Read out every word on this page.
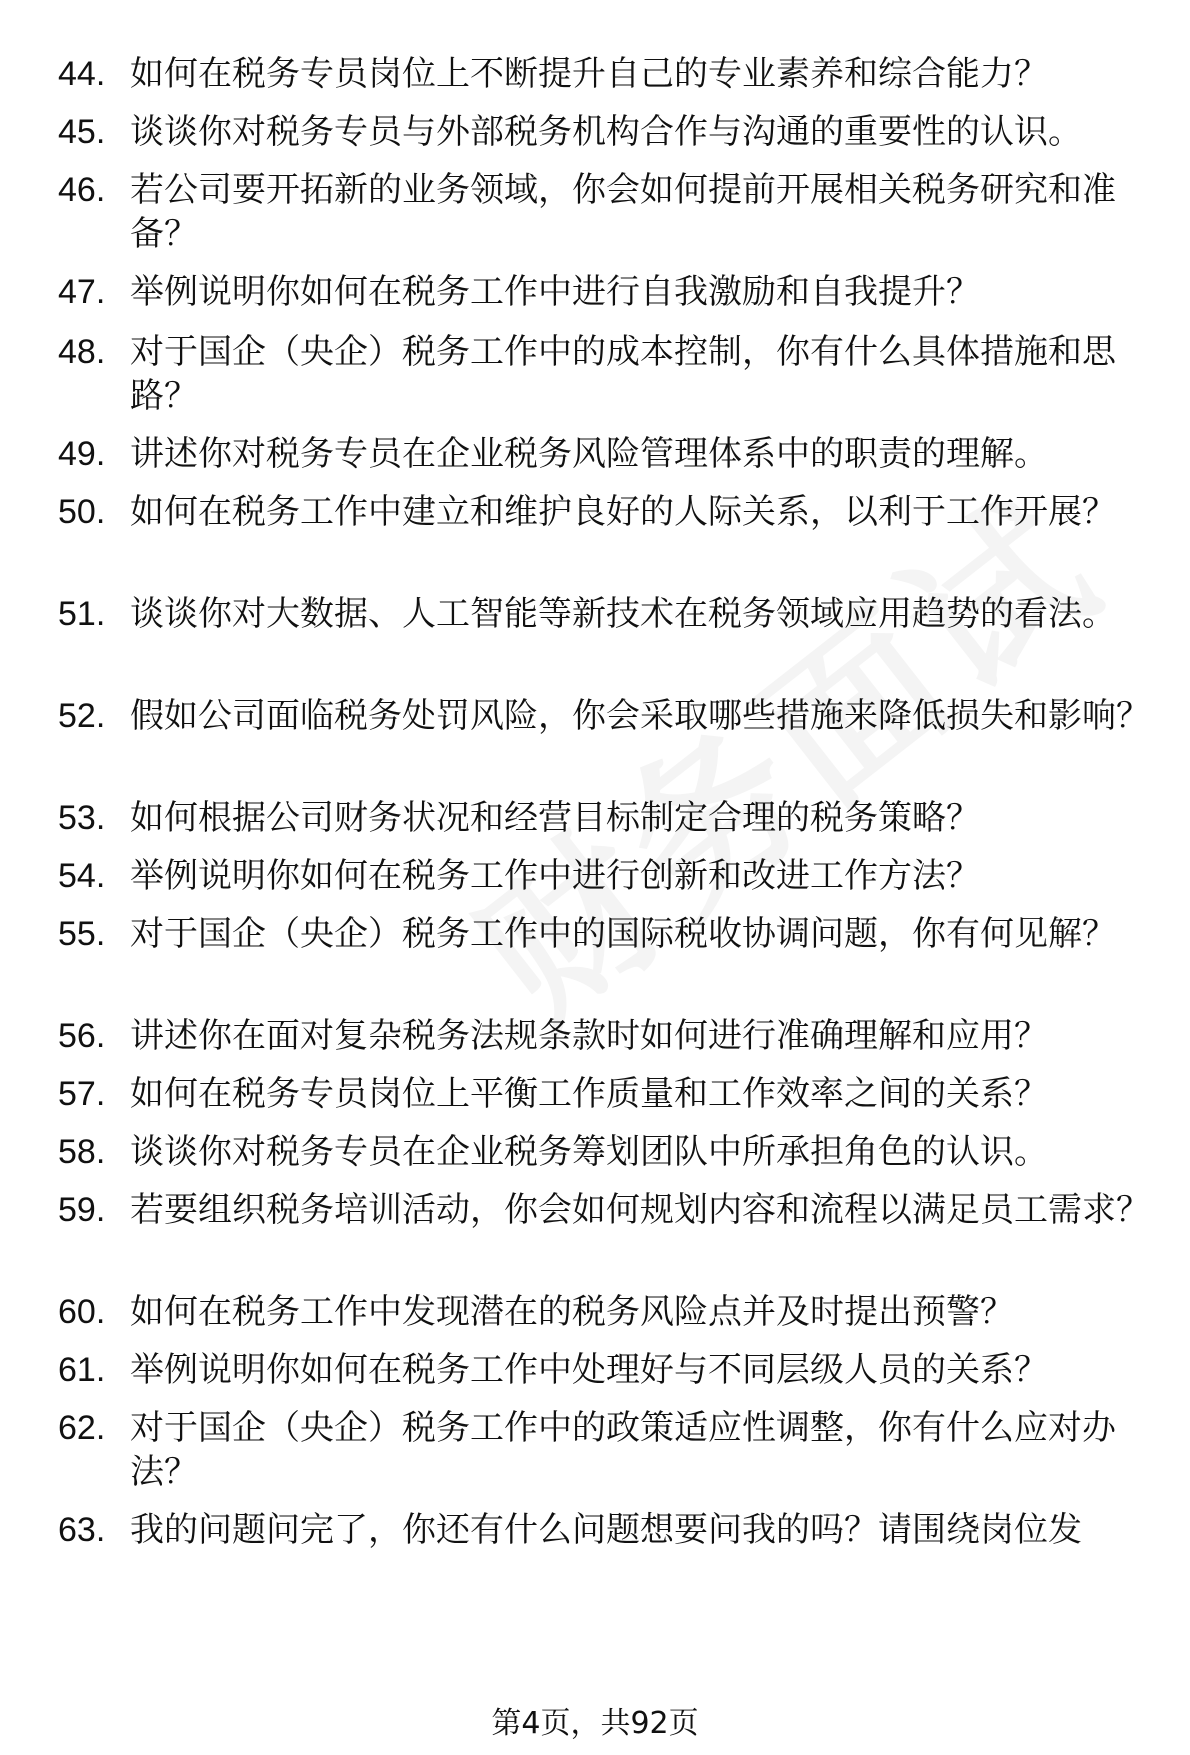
44. 如何在税务专员岗位上不断提升自己的专业素养和综合能力？
45. 谈谈你对税务专员与外部税务机构合作与沟通的重要性的认识。
46. 若公司要开拓新的业务领域，你会如何提前开展相关税务研究和准备？
47. 举例说明你如何在税务工作中进行自我激励和自我提升？
48. 对于国企（央企）税务工作中的成本控制，你有什么具体措施和思路？
49. 讲述你对税务专员在企业税务风险管理体系中的职责的理解。
50. 如何在税务工作中建立和维护良好的人际关系，以利于工作开展？
51. 谈谈你对大数据、人工智能等新技术在税务领域应用趋势的看法。
52. 假如公司面临税务处罚风险，你会采取哪些措施来降低损失和影响？
53. 如何根据公司财务状况和经营目标制定合理的税务策略？
54. 举例说明你如何在税务工作中进行创新和改进工作方法？
55. 对于国企（央企）税务工作中的国际税收协调问题，你有何见解？
56. 讲述你在面对复杂税务法规条款时如何进行准确理解和应用？
57. 如何在税务专员岗位上平衡工作质量和工作效率之间的关系？
58. 谈谈你对税务专员在企业税务筹划团队中所承担角色的认识。
59. 若要组织税务培训活动，你会如何规划内容和流程以满足员工需求？
60. 如何在税务工作中发现潜在的税务风险点并及时提出预警？
61. 举例说明你如何在税务工作中处理好与不同层级人员的关系？
62. 对于国企（央企）税务工作中的政策适应性调整，你有什么应对办法？
63. 我的问题问完了，你还有什么问题想要问我的吗？请围绕岗位发
第4页，共92页
